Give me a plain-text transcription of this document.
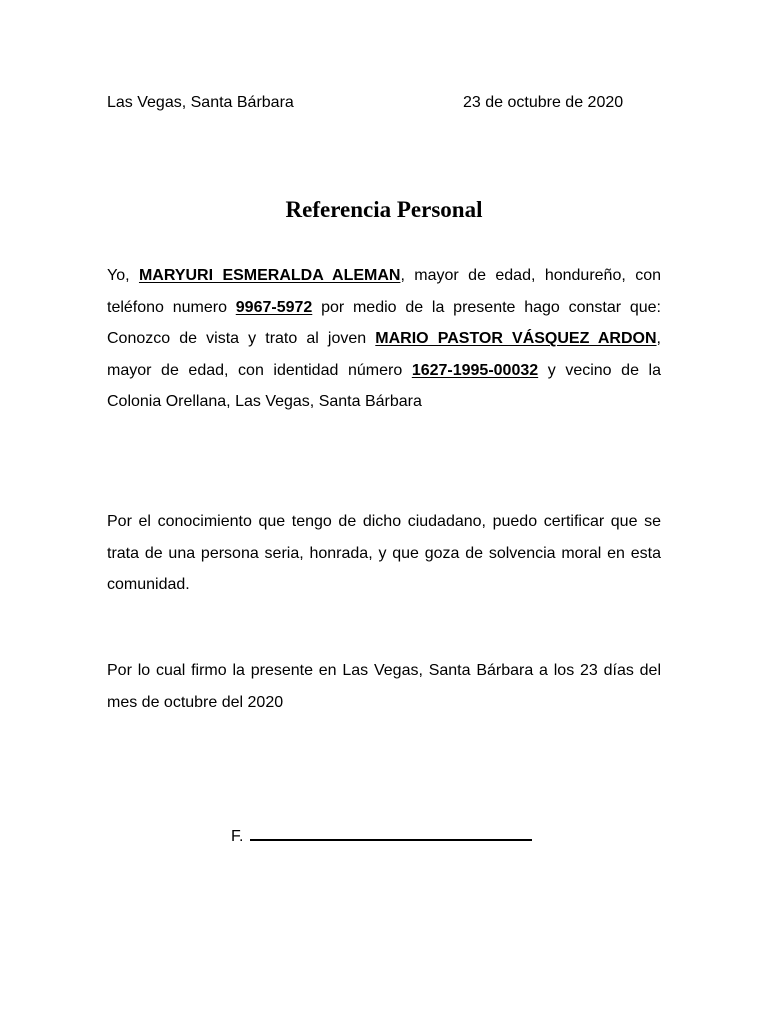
Las Vegas, Santa Bárbara	23 de octubre de 2020
Referencia Personal

Yo, MARYURI ESMERALDA ALEMAN, mayor de edad, hondureño, con teléfono numero 9967-5972 por medio de la presente hago constar que: Conozco de vista y trato al joven MARIO PASTOR VÁSQUEZ ARDON, mayor de edad, con identidad número 1627-1995-00032 y vecino de la Colonia Orellana, Las Vegas, Santa Bárbara

Por el conocimiento que tengo de dicho ciudadano, puedo certificar que se trata de una persona seria, honrada, y que goza de solvencia moral en esta comunidad.

Por lo cual firmo la presente en Las Vegas, Santa Bárbara a los 23 días del mes de octubre del 2020

F.
